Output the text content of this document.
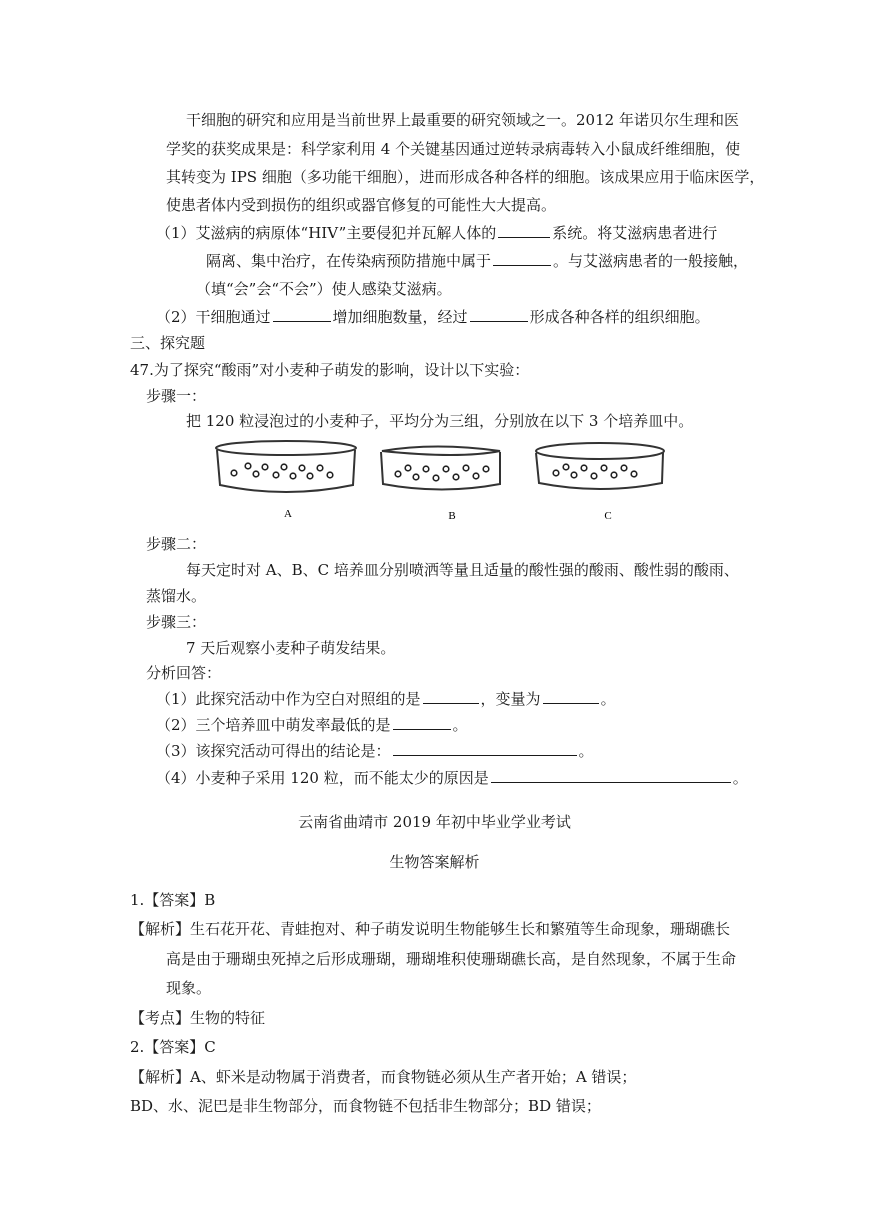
干细胞的研究和应用是当前世界上最重要的研究领域之一。2012 年诺贝尔生理和医
学奖的获奖成果是：科学家利用 4 个关键基因通过逆转录病毒转入小鼠成纤维细胞，使
其转变为 IPS 细胞（多功能干细胞），进而形成各种各样的细胞。该成果应用于临床医学，
使患者体内受到损伤的组织或器官修复的可能性大大提高。
（1）艾滋病的病原体“HIV”主要侵犯并瓦解人体的	系统。将艾滋病患者进行
隔离、集中治疗，在传染病预防措施中属于	。与艾滋病患者的一般接触，
（填“会”会“不会”）使人感染艾滋病。
（2）干细胞通过	增加细胞数量，经过	形成各种各样的组织细胞。
三、探究题
47.为了探究“酸雨”对小麦种子萌发的影响，设计以下实验：
步骤一：
把 120 粒浸泡过的小麦种子，平均分为三组，分别放在以下 3 个培养皿中。
A	B	C
步骤二：
每天定时对 A、B、C 培养皿分别喷洒等量且适量的酸性强的酸雨、酸性弱的酸雨、
蒸馏水。
步骤三：
7 天后观察小麦种子萌发结果。
分析回答：
（1）此探究活动中作为空白对照组的是	，变量为	。
（2）三个培养皿中萌发率最低的是	。
（3）该探究活动可得出的结论是：	。
（4）小麦种子采用 120 粒，而不能太少的原因是	。
云南省曲靖市 2019 年初中毕业学业考试
生物答案解析
1.【答案】B
【解析】生石花开花、青蛙抱对、种子萌发说明生物能够生长和繁殖等生命现象，珊瑚礁长
高是由于珊瑚虫死掉之后形成珊瑚，珊瑚堆积使珊瑚礁长高，是自然现象，不属于生命
现象。
【考点】生物的特征
2.【答案】C
【解析】A、虾米是动物属于消费者，而食物链必须从生产者开始；A 错误；
BD、水、泥巴是非生物部分，而食物链不包括非生物部分；BD 错误；
